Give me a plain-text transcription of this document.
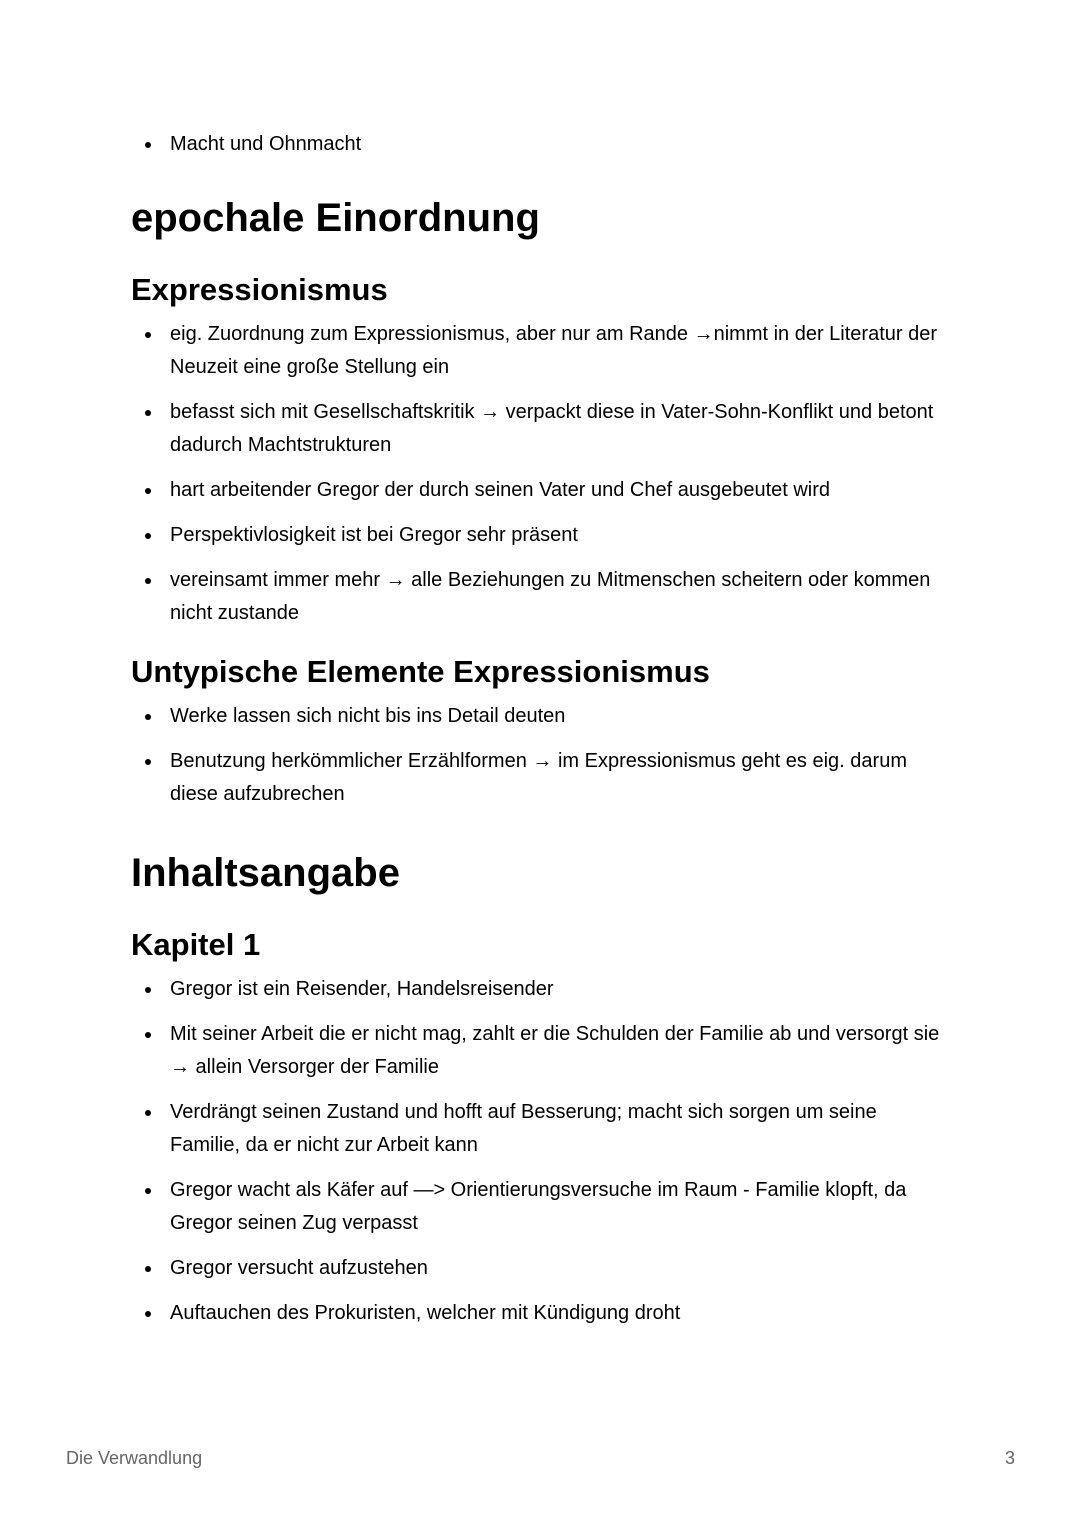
Macht und Ohnmacht
epochale Einordnung
Expressionismus
eig. Zuordnung zum Expressionismus, aber nur am Rande →nimmt in der Literatur der Neuzeit eine große Stellung ein
befasst sich mit Gesellschaftskritik → verpackt diese in Vater-Sohn-Konflikt und betont dadurch Machtstrukturen
hart arbeitender Gregor der durch seinen Vater und Chef ausgebeutet wird
Perspektivlosigkeit ist bei Gregor sehr präsent
vereinsamt immer mehr → alle Beziehungen zu Mitmenschen scheitern oder kommen nicht zustande
Untypische Elemente Expressionismus
Werke lassen sich nicht bis ins Detail deuten
Benutzung herkömmlicher Erzählformen → im Expressionismus geht es eig. darum diese aufzubrechen
Inhaltsangabe
Kapitel 1
Gregor ist ein Reisender, Handelsreisender
Mit seiner Arbeit die er nicht mag, zahlt er die Schulden der Familie ab und versorgt sie → allein Versorger der Familie
Verdrängt seinen Zustand und hofft auf Besserung; macht sich sorgen um seine Familie, da er nicht zur Arbeit kann
Gregor wacht als Käfer auf —> Orientierungsversuche im Raum - Familie klopft, da Gregor seinen Zug verpasst
Gregor versucht aufzustehen
Auftauchen des Prokuristen, welcher mit Kündigung droht
Die Verwandlung	3
